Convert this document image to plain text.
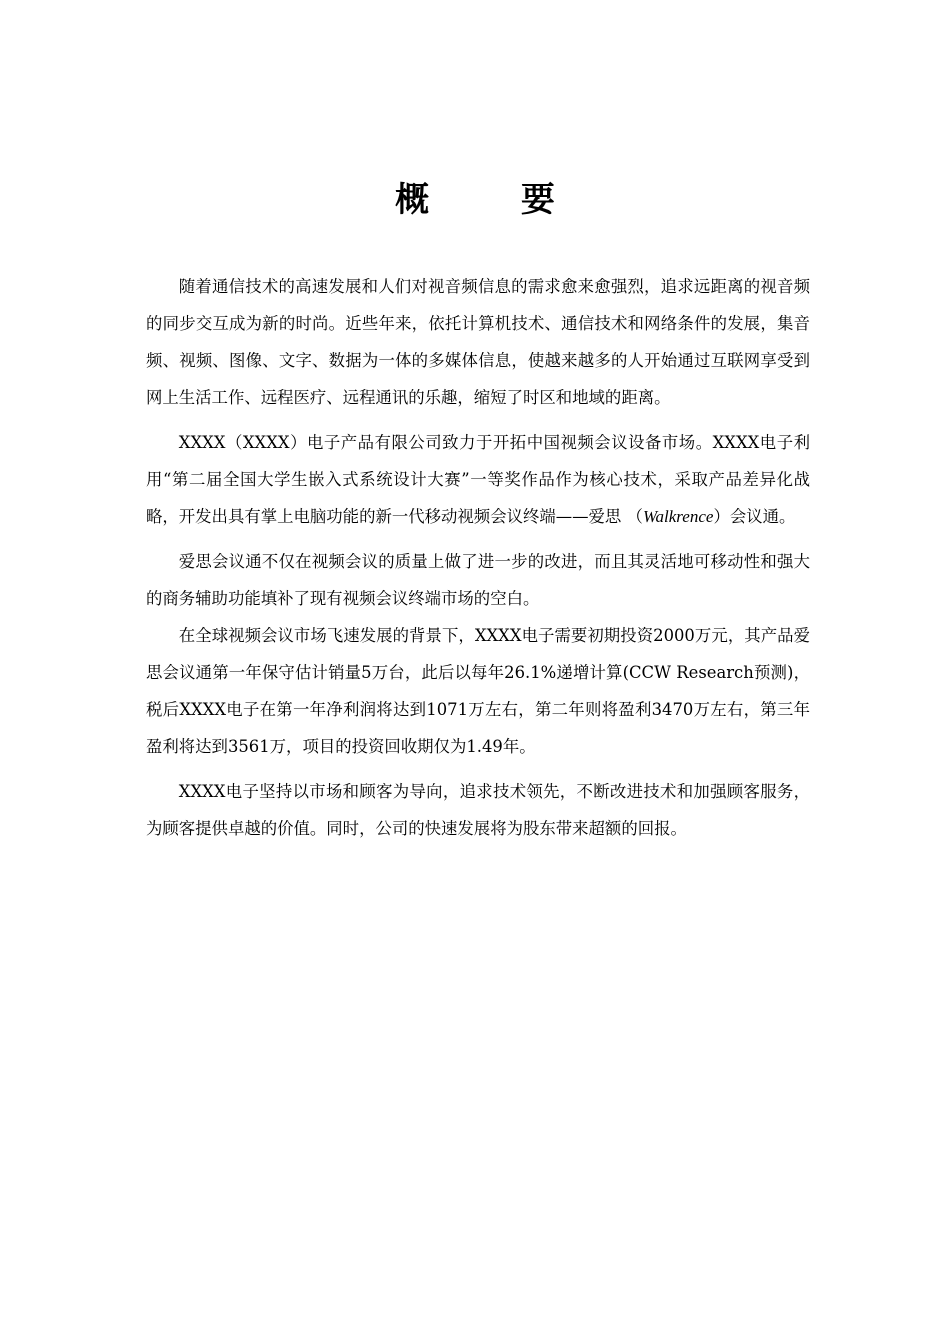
概 要

随着通信技术的高速发展和人们对视音频信息的需求愈来愈强烈，追求远距离的视音频的同步交互成为新的时尚。近些年来，依托计算机技术、通信技术和网络条件的发展，集音频、视频、图像、文字、数据为一体的多媒体信息，使越来越多的人开始通过互联网享受到网上生活工作、远程医疗、远程通讯的乐趣，缩短了时区和地域的距离。

XXXX（XXXX）电子产品有限公司致力于开拓中国视频会议设备市场。XXXX电子利用“第二届全国大学生嵌入式系统设计大赛”一等奖作品作为核心技术，采取产品差异化战略，开发出具有掌上电脑功能的新一代移动视频会议终端——爱思 （Walkrence）会议通。

爱思会议通不仅在视频会议的质量上做了进一步的改进，而且其灵活地可移动性和强大的商务辅助功能填补了现有视频会议终端市场的空白。

在全球视频会议市场飞速发展的背景下，XXXX电子需要初期投资2000万元，其产品爱思会议通第一年保守估计销量5万台，此后以每年26.1%递增计算(CCW Research预测)，税后XXXX电子在第一年净利润将达到1071万左右，第二年则将盈利3470万左右，第三年盈利将达到3561万，项目的投资回收期仅为1.49年。

XXXX电子坚持以市场和顾客为导向，追求技术领先，不断改进技术和加强顾客服务，为顾客提供卓越的价值。同时，公司的快速发展将为股东带来超额的回报。
